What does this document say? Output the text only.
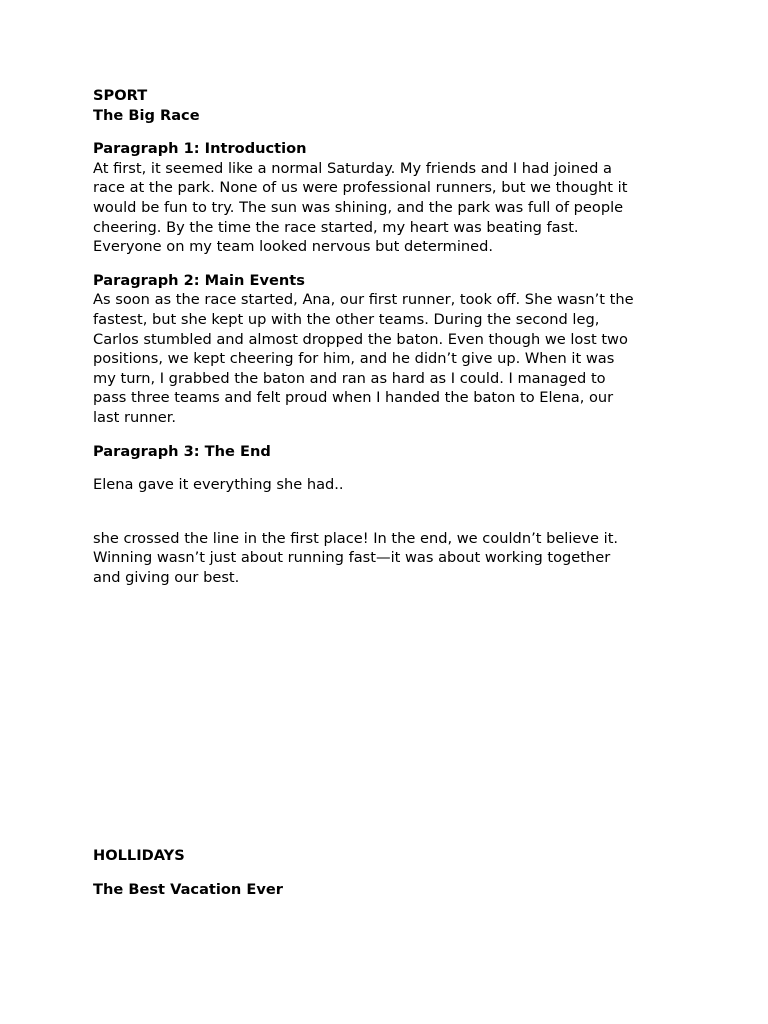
SPORT
The Big Race
Paragraph 1: Introduction
At first, it seemed like a normal Saturday. My friends and I had joined a
race at the park. None of us were professional runners, but we thought it
would be fun to try. The sun was shining, and the park was full of people
cheering. By the time the race started, my heart was beating fast.
Everyone on my team looked nervous but determined.
Paragraph 2: Main Events
As soon as the race started, Ana, our first runner, took off. She wasn’t the
fastest, but she kept up with the other teams. During the second leg,
Carlos stumbled and almost dropped the baton. Even though we lost two
positions, we kept cheering for him, and he didn’t give up. When it was
my turn, I grabbed the baton and ran as hard as I could. I managed to
pass three teams and felt proud when I handed the baton to Elena, our
last runner.
Paragraph 3: The End
Elena gave it everything she had..
she crossed the line in the first place! In the end, we couldn’t believe it.
Winning wasn’t just about running fast—it was about working together
and giving our best.
HOLLIDAYS
The Best Vacation Ever
